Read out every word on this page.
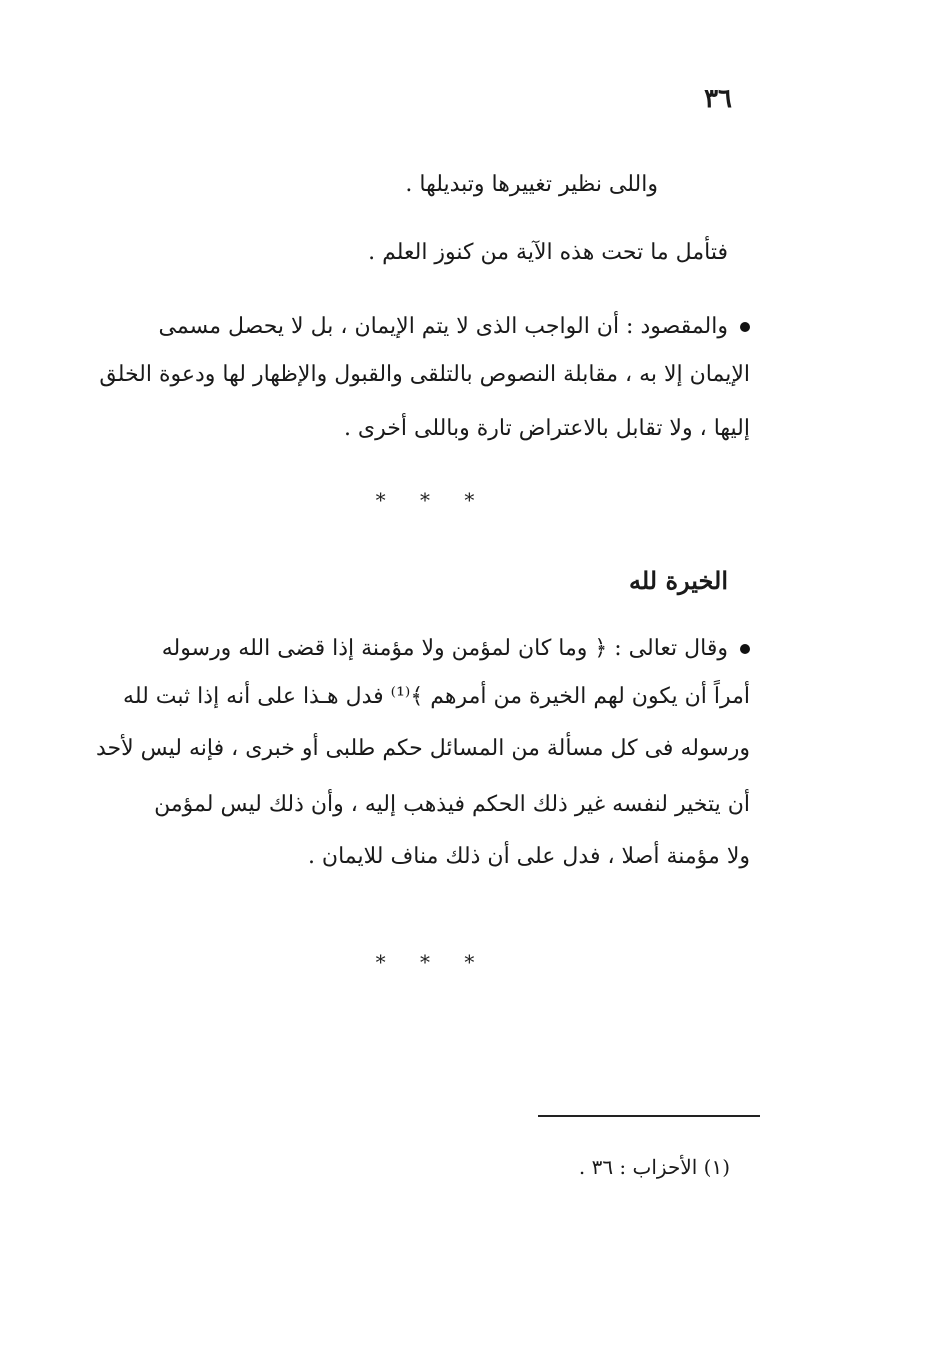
٣٦
واللى نظير تغييرها وتبديلها .
فتأمل ما تحت هذه الآية من كنوز العلم .
والمقصود : أن الواجب الذى لا يتم الإيمان ، بل لا يحصل مسمى
الإيمان إلا به ، مقابلة النصوص بالتلقى والقبول والإظهار لها ودعوة الخلق
إليها ، ولا تقابل بالاعتراض تارة وباللى أخرى .
* * *
الخيرة لله
وقال تعالى : ﴿ وما كان لمؤمن ولا مؤمنة إذا قضى الله ورسوله
أمراً أن يكون لهم الخيرة من أمرهم ﴾⁽¹⁾ فدل هـذا على أنه إذا ثبت لله
ورسوله فى كل مسألة من المسائل حكم طلبى أو خبرى ، فإنه ليس لأحد
أن يتخير لنفسه غير ذلك الحكم فيذهب إليه ، وأن ذلك ليس لمؤمن
ولا مؤمنة أصلا ، فدل على أن ذلك مناف للايمان .
* * *
(١) الأحزاب : ٣٦ .
